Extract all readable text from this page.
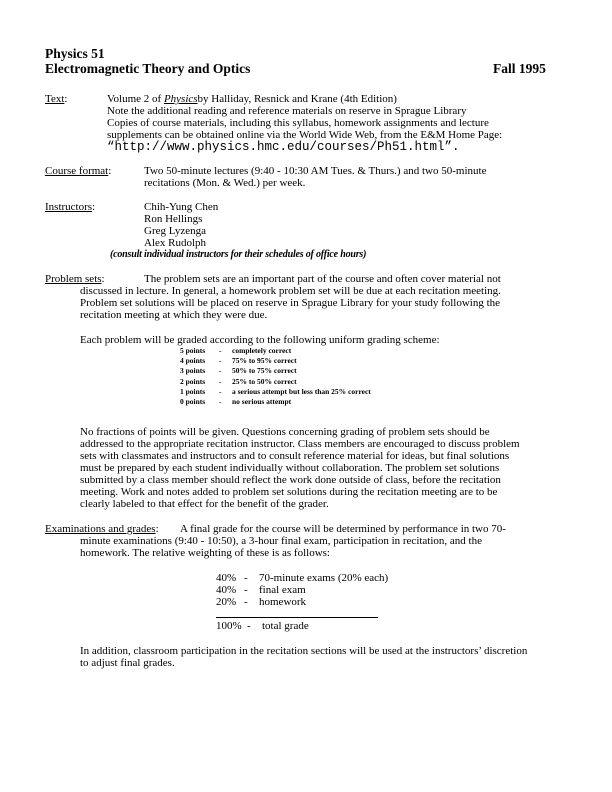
Physics 51
Electromagnetic Theory and Optics	Fall 1995
Text:	Volume 2 of Physicsby Halliday, Resnick and Krane (4th Edition)
Note the additional reading and reference materials on reserve in Sprague Library
Copies of course materials, including this syllabus, homework assignments and lecture
supplements can be obtained online via the World Wide Web, from the E&M Home Page:
“http://www.physics.hmc.edu/courses/Ph51.html”.
Course format:	Two 50-minute lectures (9:40 - 10:30 AM Tues. & Thurs.) and two 50-minute
recitations (Mon. & Wed.) per week.
Instructors:	Chih-Yung Chen
Ron Hellings
Greg Lyzenga
Alex Rudolph
(consult individual instructors for their schedules of office hours)
Problem sets:	The problem sets are an important part of the course and often cover material not
discussed in lecture. In general, a homework problem set will be due at each recitation meeting.
Problem set solutions will be placed on reserve in Sprague Library for your study following the
recitation meeting at which they were due.
Each problem will be graded according to the following uniform grading scheme:
5 points - completely correct
4 points - 75% to 95% correct
3 points - 50% to 75% correct
2 points - 25% to 50% correct
1 points - a serious attempt but less than 25% correct
0 points - no serious attempt
No fractions of points will be given. Questions concerning grading of problem sets should be
addressed to the appropriate recitation instructor. Class members are encouraged to discuss problem
sets with classmates and instructors and to consult reference material for ideas, but final solutions
must be prepared by each student individually without collaboration. The problem set solutions
submitted by a class member should reflect the work done outside of class, before the recitation
meeting. Work and notes added to problem set solutions during the recitation meeting are to be
clearly labeled to that effect for the benefit of the grader.
Examinations and grades: A final grade for the course will be determined by performance in two 70-
minute examinations (9:40 - 10:50), a 3-hour final exam, participation in recitation, and the
homework. The relative weighting of these is as follows:
40% - 70-minute exams (20% each)
40% - final exam
20% - homework
100% - total grade
In addition, classroom participation in the recitation sections will be used at the instructors’ discretion
to adjust final grades.
